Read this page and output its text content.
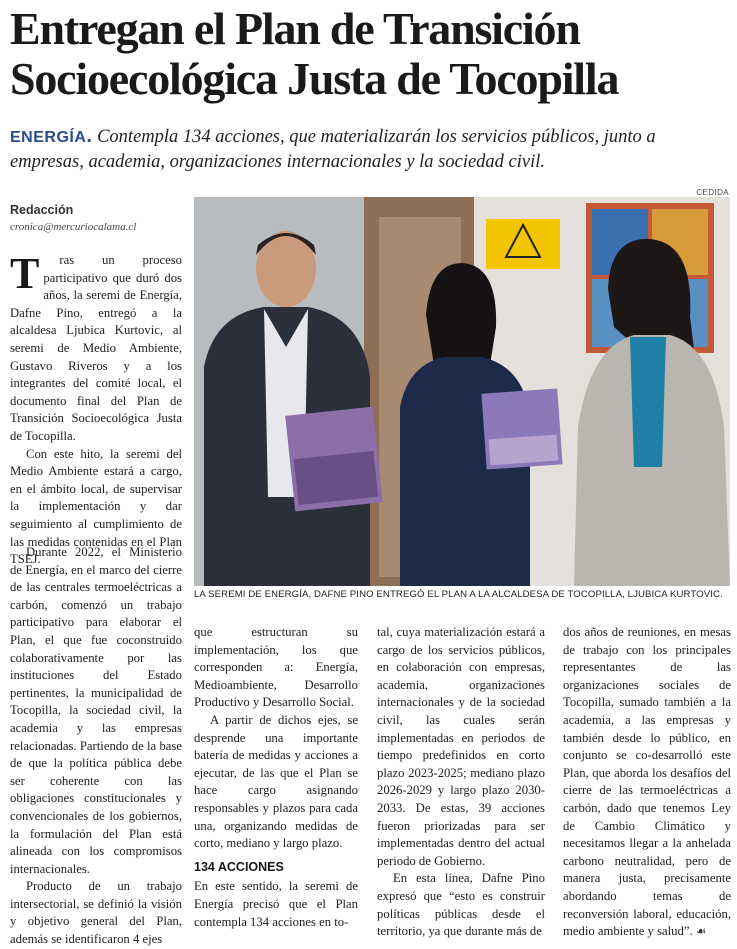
Entregan el Plan de Transición
Socioecológica Justa de Tocopilla
ENERGÍA. Contempla 134 acciones, que materializarán los servicios públicos, junto a empresas, academia, organizaciones internacionales y la sociedad civil.
Redacción
cronica@mercuriocalama.cl
CEDIDA
LA SEREMI DE ENERGÍA, DAFNE PINO ENTREGÓ EL PLAN A LA ALCALDESA DE TOCOPILLA, LJUBICA KURTOVIC.

T	ras un proceso participativo que duró dos años, la seremi de Energía, Dafne Pino, entregó a la alcaldesa Ljubica Kurtovic, al seremi de Medio Ambiente, Gustavo Riveros y a los integrantes del comité local, el documento final del Plan de Transición Socioecológica Justa de Tocopilla.

Con este hito, la seremi del Medio Ambiente estará a cargo, en el ámbito local, de supervisar la implementación y dar seguimiento al cumplimiento de las medidas contenidas en el Plan TSEJ.

Durante 2022, el Ministerio de Energía, en el marco del cierre de las centrales termoeléctricas a carbón, comenzó un trabajo participativo para elaborar el Plan, el que fue coconstruido colaborativamente por las instituciones del Estado pertinentes, la municipalidad de Tocopilla, la sociedad civil, la academia y las empresas relacionadas. Partiendo de la base de que la política pública debe ser coherente con las obligaciones constitucionales y convencionales de los gobiernos, la formulación del Plan está alineada con los compromisos internacionales.

Producto de un trabajo intersectorial, se definió la visión y objetivo general del Plan, además se identificaron 4 ejes

que estructuran su implementación, los que corresponden a: Energía, Medioambiente, Desarrollo Productivo y Desarrollo Social.

A partir de dichos ejes, se desprende una importante batería de medidas y acciones a ejecutar, de las que el Plan se hace cargo asignando responsables y plazos para cada una, organizando medidas de corto, mediano y largo plazo.

134 ACCIONES

En este sentido, la seremi de Energía precisó que el Plan contempla 134 acciones en to-

tal, cuya materialización estará a cargo de los servicios públicos, en colaboración con empresas, academia, organizaciones internacionales y de la sociedad civil, las cuales serán implementadas en periodos de tiempo predefinidos en corto plazo 2023-2025; mediano plazo 2026-2029 y largo plazo 2030-2033. De estas, 39 acciones fueron priorizadas para ser implementadas dentro del actual periodo de Gobierno.

En esta línea, Dafne Pino expresó que “esto es construir políticas públicas desde el territorio, ya que durante más de

dos años de reuniones, en mesas de trabajo con los principales representantes de las organizaciones sociales de Tocopilla, sumado también a la academia, a las empresas y también desde lo público, en conjunto se co-desarrolló este Plan, que aborda los desafíos del cierre de las termoeléctricas a carbón, dado que tenemos Ley de Cambio Climático y necesitamos llegar a la anhelada carbono neutralidad, pero de manera justa, precisamente abordando temas de reconversión laboral, educación, medio ambiente y salud”. ☙
